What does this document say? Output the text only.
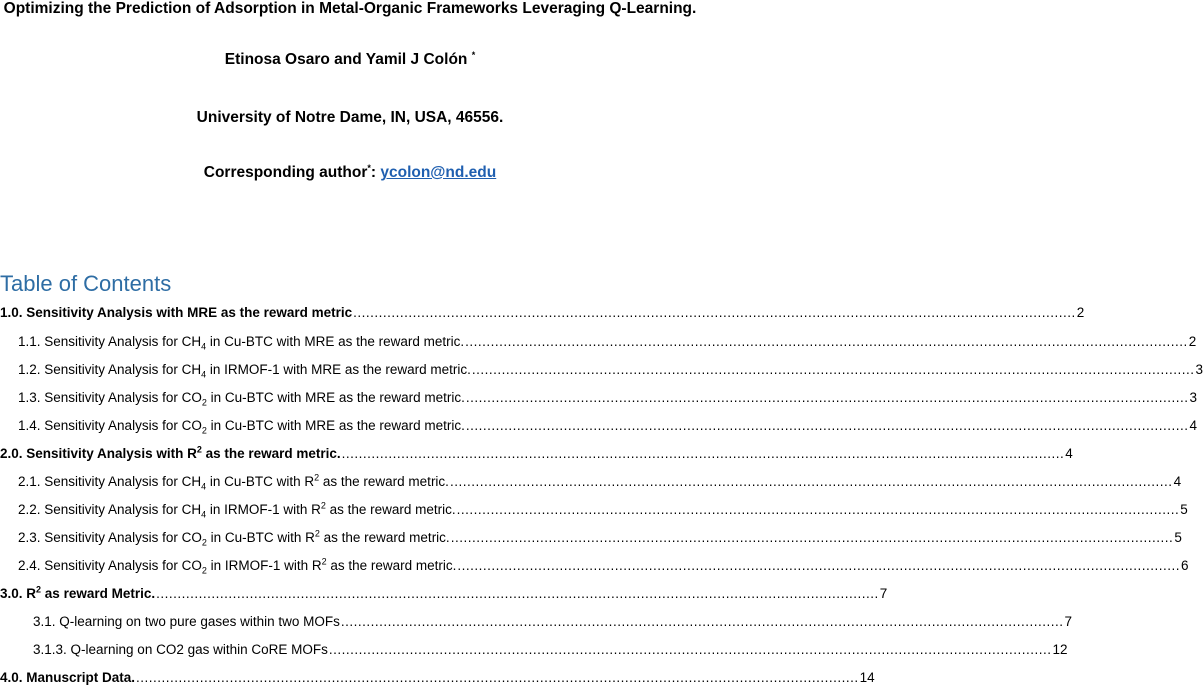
Optimizing the Prediction of Adsorption in Metal-Organic Frameworks Leveraging Q-Learning.
Etinosa Osaro and Yamil J Colón *
University of Notre Dame, IN, USA, 46556.
Corresponding author*: ycolon@nd.edu
Table of Contents
1.0. Sensitivity Analysis with MRE as the reward metric .......................................................................................................................................................................... 2
1.1. Sensitivity Analysis for $CH_4$ in Cu-BTC with MRE as the reward metric. .......................................................................................................................................................................... 2
1.2. Sensitivity Analysis for $CH_4$ in IRMOF-1 with MRE as the reward metric. .......................................................................................................................................................................... 3
1.3. Sensitivity Analysis for $CO_2$ in Cu-BTC with MRE as the reward metric. .......................................................................................................................................................................... 3
1.4. Sensitivity Analysis for $CO_2$ in Cu-BTC with MRE as the reward metric. .......................................................................................................................................................................... 4
2.0. Sensitivity Analysis with $R^2$ as the reward metric. .......................................................................................................................................................................... 4
2.1. Sensitivity Analysis for $CH_4$ in Cu-BTC with $R^2$ as the reward metric. .......................................................................................................................................................................... 4
2.2. Sensitivity Analysis for $CH_4$ in IRMOF-1 with $R^2$ as the reward metric. .......................................................................................................................................................................... 5
2.3. Sensitivity Analysis for $CO_2$ in Cu-BTC with $R^2$ as the reward metric. .......................................................................................................................................................................... 5
2.4. Sensitivity Analysis for $CO_2$ in IRMOF-1 with $R^2$ as the reward metric. .......................................................................................................................................................................... 6
3.0. $R^2$ as reward Metric. .......................................................................................................................................................................... 7
3.1. Q-learning on two pure gases within two MOFs .......................................................................................................................................................................... 7
3.1.3. Q-learning on CO2 gas within CoRE MOFs .......................................................................................................................................................................... 12
4.0. Manuscript Data. .......................................................................................................................................................................... 14
